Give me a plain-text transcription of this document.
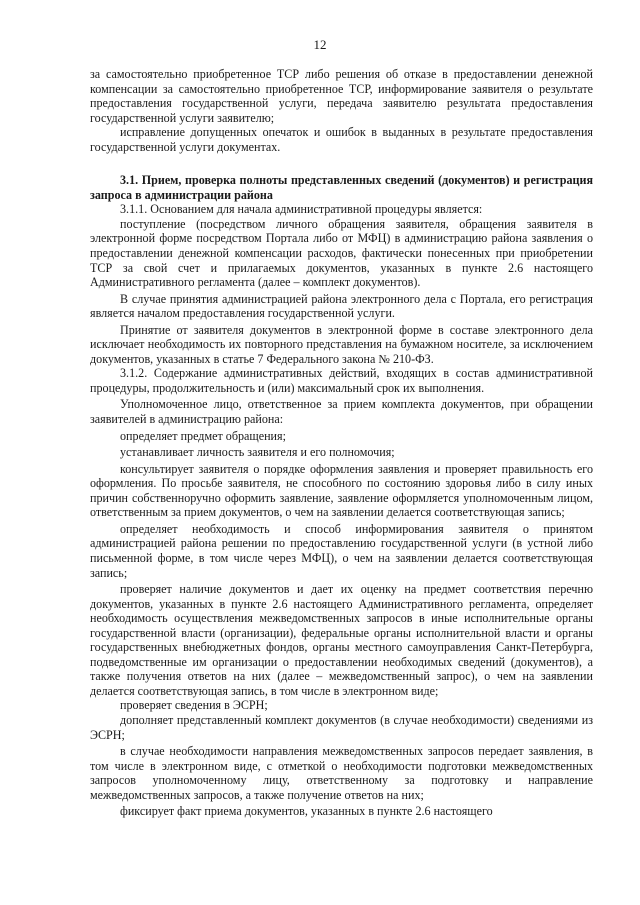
12

за самостоятельно приобретенное ТСР либо решения об отказе в предоставлении денежной компенсации за самостоятельно приобретенное ТСР, информирование заявителя о результате предоставления государственной услуги, передача заявителю результата предоставления государственной услуги заявителю;

исправление допущенных опечаток и ошибок в выданных в результате предоставления государственной услуги документах.

3.1. Прием, проверка полноты представленных сведений (документов) и регистрация запроса в администрации района

3.1.1. Основанием для начала административной процедуры является:

поступление (посредством личного обращения заявителя, обращения заявителя в электронной форме посредством Портала либо от МФЦ) в администрацию района заявления о предоставлении денежной компенсации расходов, фактически понесенных при приобретении ТСР за свой счет и прилагаемых документов, указанных в пункте 2.6 настоящего Административного регламента (далее – комплект документов).

В случае принятия администрацией района электронного дела с Портала, его регистрация является началом предоставления государственной услуги.

Принятие от заявителя документов в электронной форме в составе электронного дела исключает необходимость их повторного представления на бумажном носителе, за исключением документов, указанных в статье 7 Федерального закона № 210-ФЗ.

3.1.2. Содержание административных действий, входящих в состав административной процедуры, продолжительность и (или) максимальный срок их выполнения.

Уполномоченное лицо, ответственное за прием комплекта документов, при обращении заявителей в администрацию района:

определяет предмет обращения;

устанавливает личность заявителя и его полномочия;

консультирует заявителя о порядке оформления заявления и проверяет правильность его оформления. По просьбе заявителя, не способного по состоянию здоровья либо в силу иных причин собственноручно оформить заявление, заявление оформляется уполномоченным лицом, ответственным за прием документов, о чем на заявлении делается соответствующая запись;

определяет необходимость и способ информирования заявителя о принятом администрацией района решении по предоставлению государственной услуги (в устной либо письменной форме, в том числе через МФЦ), о чем на заявлении делается соответствующая запись;

проверяет наличие документов и дает их оценку на предмет соответствия перечню документов, указанных в пункте 2.6 настоящего Административного регламента, определяет необходимость осуществления межведомственных запросов в иные исполнительные органы государственной власти (организации), федеральные органы исполнительной власти и органы государственных внебюджетных фондов, органы местного самоуправления Санкт-Петербурга, подведомственные им организации о предоставлении необходимых сведений (документов), а также получения ответов на них (далее – межведомственный запрос), о чем на заявлении делается соответствующая запись, в том числе в электронном виде;

проверяет сведения в ЭСРН;

дополняет представленный комплект документов (в случае необходимости) сведениями из ЭСРН;

в случае необходимости направления межведомственных запросов передает заявления, в том числе в электронном виде, с отметкой о необходимости подготовки межведомственных запросов уполномоченному лицу, ответственному за подготовку и направление межведомственных запросов, а также получение ответов на них;

фиксирует факт приема документов, указанных в пункте 2.6 настоящего
